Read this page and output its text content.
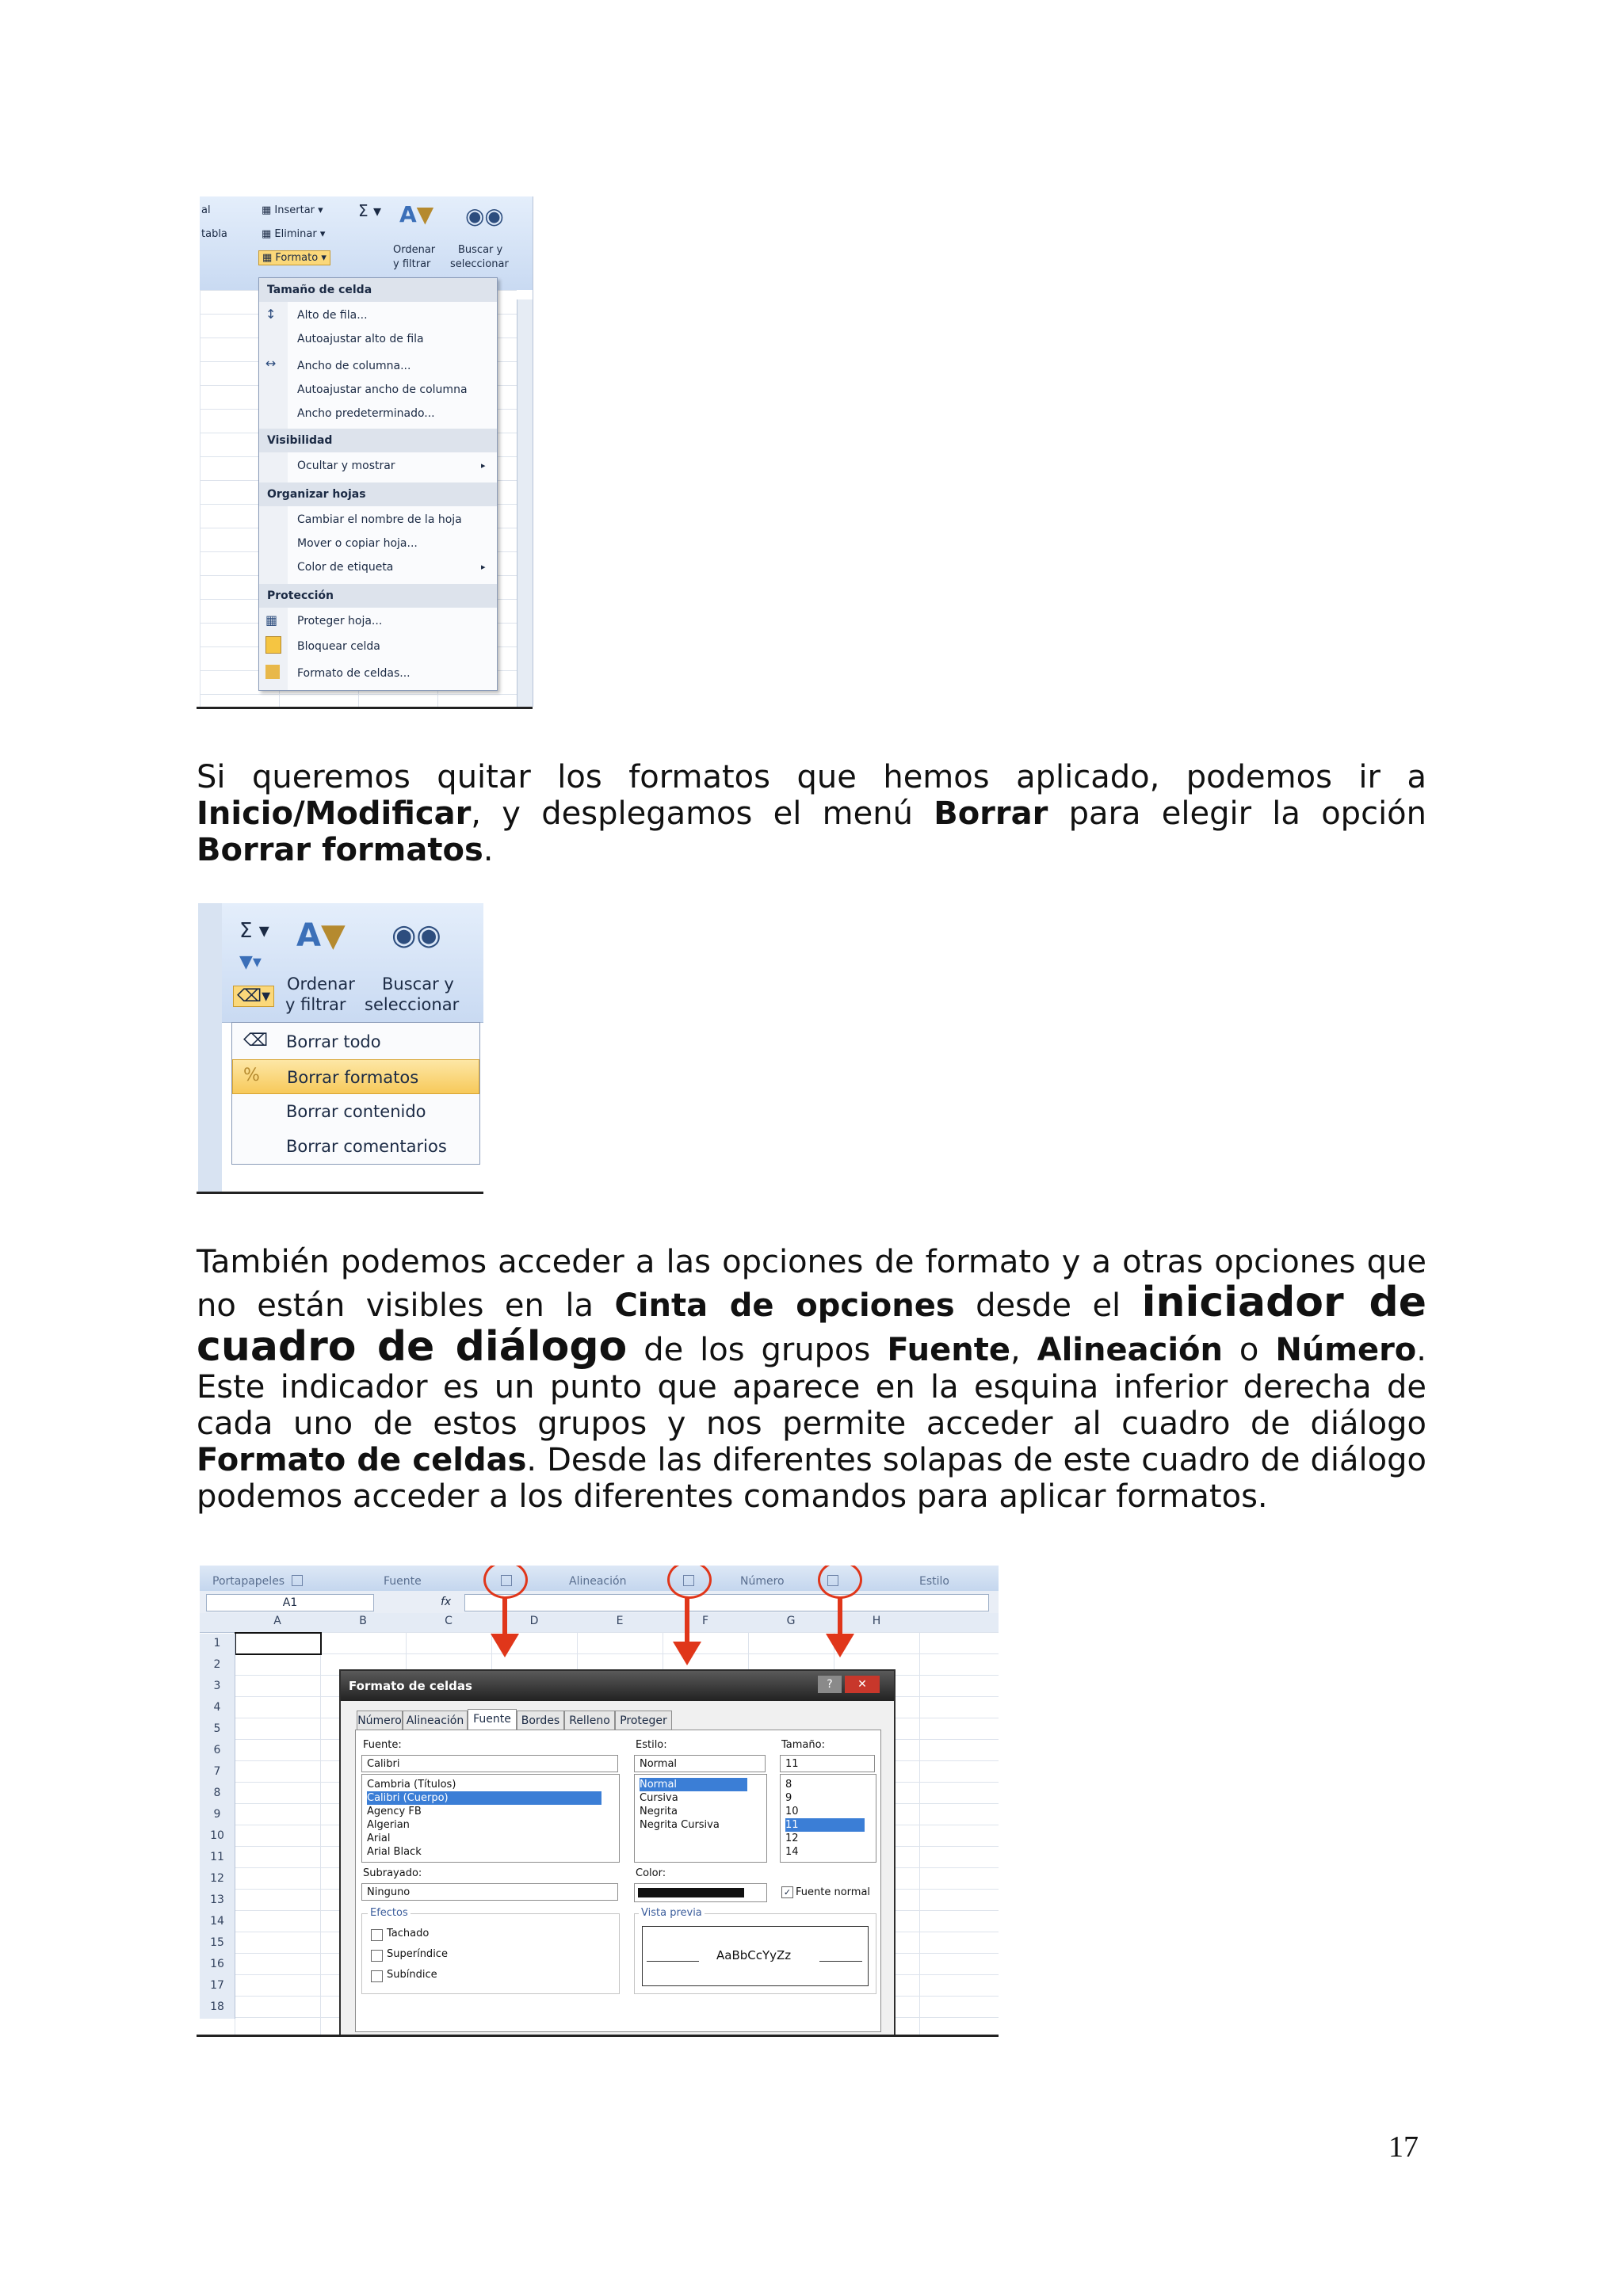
al
tabla
▦ Insertar ▾
▦ Eliminar ▾
▦ Formato ▾
Σ ▾ A▼ ◉◉
Ordenar
y filtrar
Buscar y
seleccionar
Tamaño de celda
Alto de fila...
Autoajustar alto de fila
Ancho de columna...
Autoajustar ancho de columna
Ancho predeterminado...
Visibilidad
Ocultar y mostrar	▸
Organizar hojas
Cambiar el nombre de la hoja
Mover o copiar hoja...
Color de etiqueta	▸
Protección
Proteger hoja...
Bloquear celda
Formato de celdas...
↕
↔
▦
Si queremos quitar los formatos que hemos aplicado, podemos ir a Inicio/Modificar, y desplegamos el menú Borrar para elegir la opción Borrar formatos.
Σ ▾
▼▾
⌫▾
A▼ ◉◉
Ordenar
y filtrar
Buscar y
seleccionar
Borrar todo
⌫
Borrar formatos
%
Borrar contenido
Borrar comentarios
También podemos acceder a las opciones de formato y a otras opciones que no están visibles en la Cinta de opciones desde el iniciador de cuadro de diálogo de los grupos Fuente, Alineación o Número. Este indicador es un punto que aparece en la esquina inferior derecha de cada uno de estos grupos y nos permite acceder al cuadro de diálogo Formato de celdas. Desde las diferentes solapas de este cuadro de diálogo podemos acceder a los diferentes comandos para aplicar formatos.
Portapapeles	Fuente	Alineación	Número	Estilo
A1	fx
A	B	C	D	E	F	G	H
1
2
3
4
5
6
7
8
9
10
11
12
13
14
15
16
17
18
Formato de celdas	?	✕
Número Alineación Fuente Bordes Relleno Proteger
Fuente:
Calibri
Cambria (Títulos)
Calibri (Cuerpo)
Agency FB
Algerian
Arial
Arial Black
Estilo:
Normal
Normal
Cursiva
Negrita
Negrita Cursiva
Tamaño:
11
8
9
10
11
12
14
Subrayado:
Ninguno
Color:
✓ Fuente normal
Efectos
Tachado
Superíndice
Subíndice
Vista previa
AaBbCcYyZz
17
